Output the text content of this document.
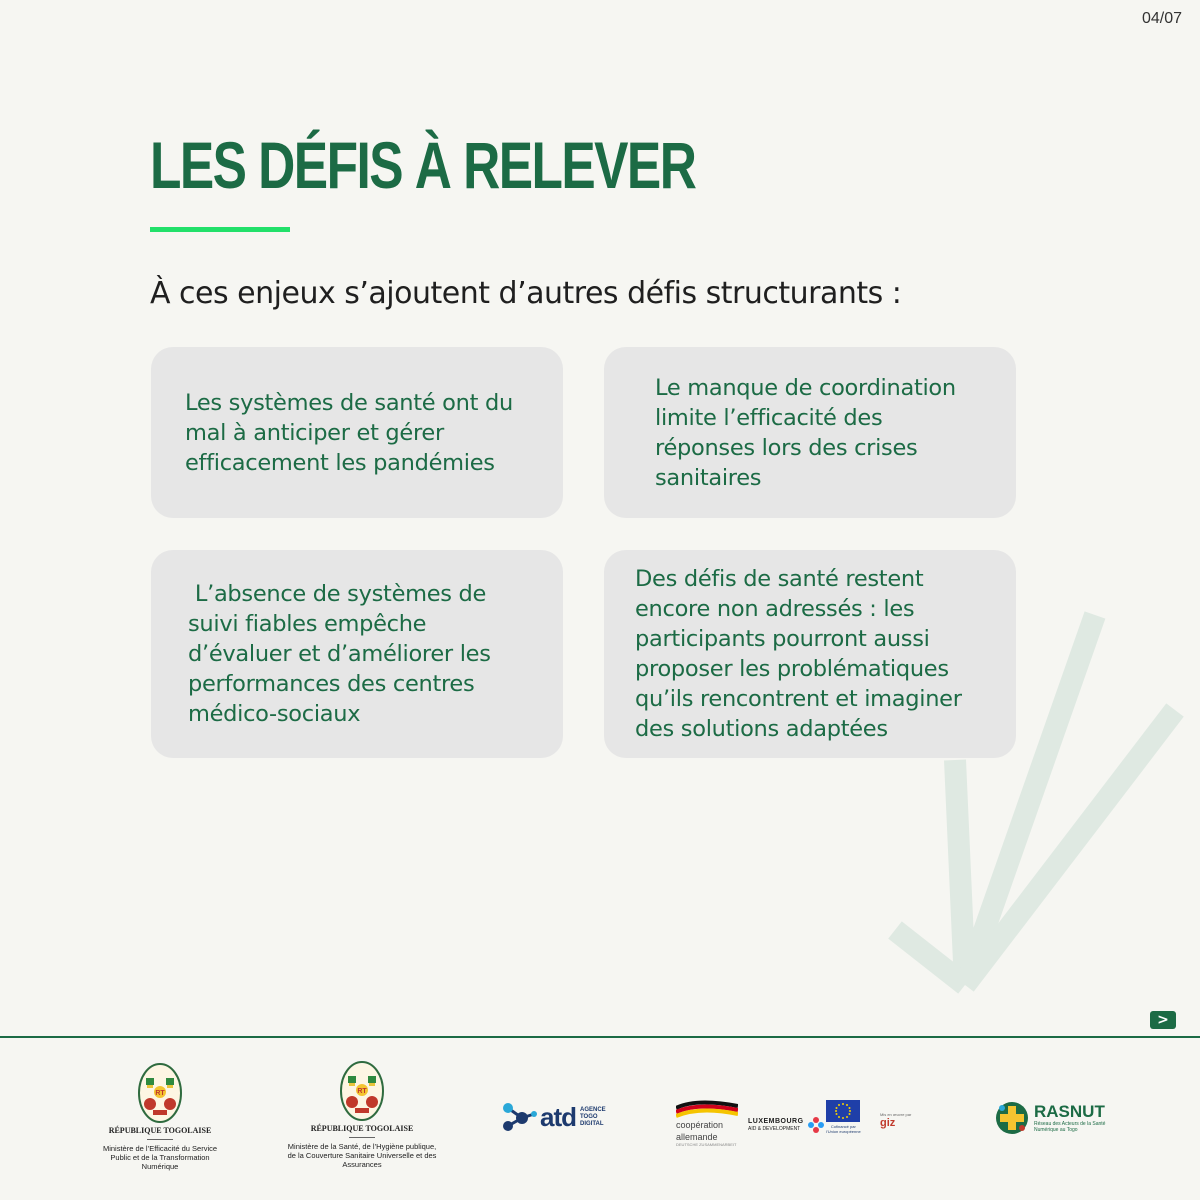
04/07
LES DÉFIS À RELEVER
À ces enjeux s’ajoutent d’autres défis structurants :
Les systèmes de santé ont du mal à anticiper et gérer efficacement les pandémies
Le manque de coordination limite l’efficacité des réponses lors des crises sanitaires
L’absence de systèmes de suivi fiables empêche d’évaluer et d’améliorer les performances des centres médico-sociaux
Des défis de santé restent encore non adressés : les participants pourront aussi proposer les problématiques qu’ils rencontrent et imaginer des solutions adaptées
>
RT
RÉPUBLIQUE TOGOLAISE
Ministère de l’Efficacité du Service Public et de la Transformation Numérique
RT
RÉPUBLIQUE TOGOLAISE
Ministère de la Santé, de l’Hygiène publique, de la Couverture Sanitaire Universelle et des Assurances
atd AGENCE
TOGO
DIGITAL	coopération
allemande
DEUTSCHE ZUSAMMENARBEIT
LUXEMBOURG
AID & DEVELOPMENT	Cofinancé par
l’Union européenne
Mis en œuvre par
giz
RASNUT
Réseau des Acteurs de la Santé Numérique au Togo
